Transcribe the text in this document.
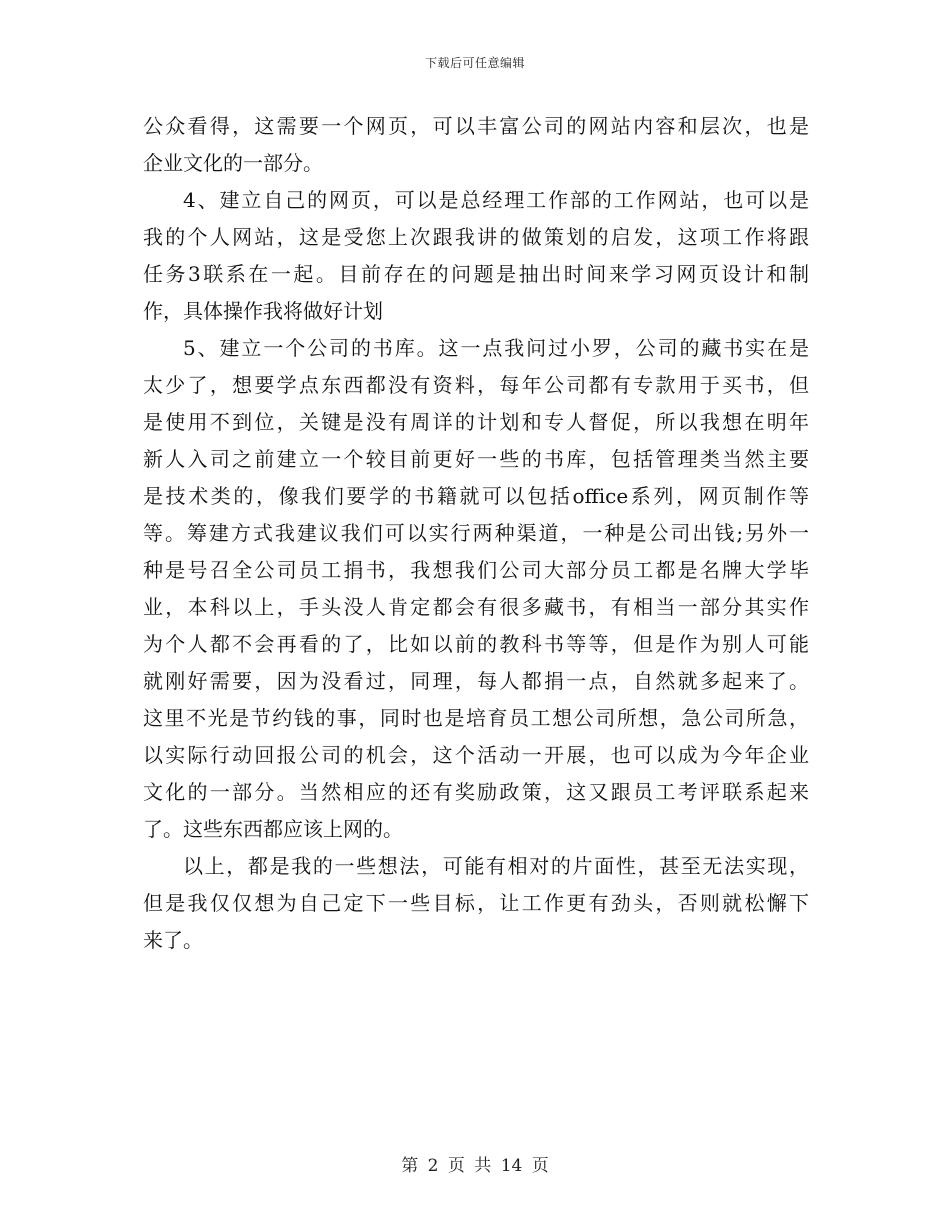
下载后可任意编辑
公众看得，这需要一个网页，可以丰富公司的网站内容和层次，也是
企业文化的一部分。
4、建立自己的网页，可以是总经理工作部的工作网站，也可以是
我的个人网站，这是受您上次跟我讲的做策划的启发，这项工作将跟
任务3联系在一起。目前存在的问题是抽出时间来学习网页设计和制
作，具体操作我将做好计划
5、建立一个公司的书库。这一点我问过小罗，公司的藏书实在是
太少了，想要学点东西都没有资料，每年公司都有专款用于买书，但
是使用不到位，关键是没有周详的计划和专人督促，所以我想在明年
新人入司之前建立一个较目前更好一些的书库，包括管理类当然主要
是技术类的，像我们要学的书籍就可以包括office系列，网页制作等
等。筹建方式我建议我们可以实行两种渠道，一种是公司出钱;另外一
种是号召全公司员工捐书，我想我们公司大部分员工都是名牌大学毕
业，本科以上，手头没人肯定都会有很多藏书，有相当一部分其实作
为个人都不会再看的了，比如以前的教科书等等，但是作为别人可能
就刚好需要，因为没看过，同理，每人都捐一点，自然就多起来了。
这里不光是节约钱的事，同时也是培育员工想公司所想，急公司所急，
以实际行动回报公司的机会，这个活动一开展，也可以成为今年企业
文化的一部分。当然相应的还有奖励政策，这又跟员工考评联系起来
了。这些东西都应该上网的。
以上，都是我的一些想法，可能有相对的片面性，甚至无法实现，
但是我仅仅想为自己定下一些目标，让工作更有劲头，否则就松懈下
来了。
第 2 页 共 14 页
